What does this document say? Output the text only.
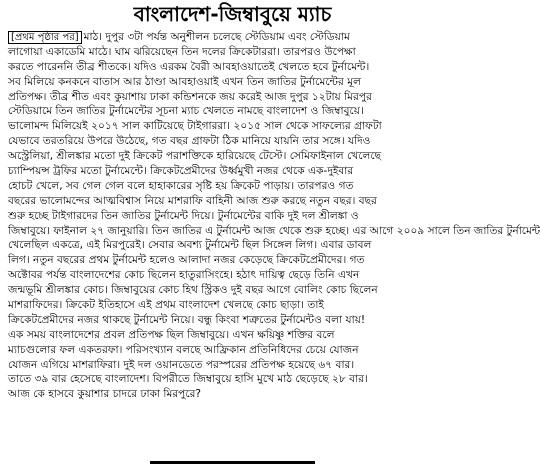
বাংলাদেশ-জিম্বাবুয়ে ম্যাচ
[প্রথম পৃষ্ঠার পর] মাঠ। দুপুর ৩টা পর্যন্ত অনুশীলন চলেছে স্টেডিয়াম এবং স্টেডিয়াম
লাগোয়া একাডেমি মাঠে। ঘাম ঝরিয়েছেন তিন দলের ক্রিকেটাররা। তারপরও উপেক্ষা
করতে পারেননি তীব্র শীতকে। যদিও এরকম বৈরী আবহাওয়াতেই খেলতে হবে টুর্নামেন্ট।
সব মিলিয়ে কনকনে বাতাস আর ঠাণ্ডা আবহাওয়াই এখন তিন জাতির টুর্নামেন্টের মূল
প্রতিপক্ষ। তীব্র শীত এবং কুয়াশায় ঢাকা কন্ডিশনকে জয় করেই আজ দুপুর ১২টায় মিরপুর
স্টেডিয়ামে তিন জাতির টুর্নামেন্টের সূচনা ম্যাচ খেলতে নামছে বাংলাদেশ ও জিম্বাবুয়ে।
ভালোমন্দ মিলিয়েই ২০১৭ সাল কাটিয়েছে টাইগাররা। ২০১৫ সাল থেকে সাফল্যের গ্রাফটা
যেভাবে তরতরিয়ে উপরে উঠেছে, গত বছর গ্রাফটা ঠিক মানিয়ে যায়নি তার সঙ্গে। যদিও
অস্ট্রেলিয়া, শ্রীলঙ্কার মতো দুই ক্রিকেট পরাশক্তিকে হারিয়েছে টেস্টে। সেমিফাইনাল খেলেছে
চ্যাম্পিয়ন্স ট্রফির মতো টুর্নামেন্টে। ক্রিকেটপ্রেমীদের উর্ধ্বমুখী নজর থেকে এক-দুইবার
হোচট খেলে, সব গেল গেল বলে হাহাকারের সৃষ্টি হয় ক্রিকেট পাড়ায়। তারপরও গত
বছরের ভালোমন্দের আত্মবিশ্বাস নিয়ে মাশরাফি বাহিনী আজ শুরু করছে নতুন বছর। বছর
শুরু হচ্ছে টাইগারদের তিন জাতির টুর্নামেন্ট দিয়ে। টুর্নামেন্টের বাকি দুই দল শ্রীলঙ্কা ও
জিম্বাবুয়ে। ফাইনাল ২৭ জানুয়ারি। তিন জাতির এ টুর্নামেন্ট আজ থেকে শুরু হচ্ছে। এর আগে ২০০৯ সালে তিন জাতির টুর্নামেন্ট
খেলেছিল একত্রে, এই মিরপুরেই। সেবার অবশ্য টুর্নামেন্ট ছিল সিঙ্গেল লিগ। এবার ডাবল
লিগ। নতুন বছরের প্রথম টুর্নামেন্ট হলেও আলাদা নজর কেড়েছে ক্রিকেটপ্রেমীদের। গত
অক্টোবর পর্যন্ত বাংলাদেশের কোচ ছিলেন হাতুরাসিংহে। হঠাৎ দায়িত্ব ছেড়ে তিনি এখন
জন্মভূমি শ্রীলঙ্কার কোচ। জিম্বাবুয়ের কোচ হিথ স্ট্রিকও দুই বছর আগে বোলিং কোচ ছিলেন
মাশরাফিদের। ক্রিকেট ইতিহাসে এই প্রথম বাংলাদেশ খেলছে কোচ ছাড়া। তাই
ক্রিকেটপ্রেমীদের নজর থাকছে টুর্নামেন্ট নিয়ে। বন্ধু কিংবা শত্রুতের টুর্নামেন্টও বলা যায়!
এক সময় বাংলাদেশের প্রবল প্রতিপক্ষ ছিল জিম্বাবুয়ে। এখন ক্ষয়িষ্ণু শক্তির বলে
ম্যাচগুলোর ফল একতরফা। পরিসংখ্যান বলছে আফ্রিকান প্রতিনিধিদের চেয়ে যোজন
যোজন এগিয়ে মাশরাফিরা। দুই দল ওয়ানডেতে পরস্পরের প্রতিপক্ষ হয়েছে ৬৭ বার।
তাতে ৩৯ বার হেসেছে বাংলাদেশ। বিপরীতে জিম্বাবুয়ে হাসি মুখে মাঠ ছেড়েছে ২৮ বার।
আজ কে হাসবে কুয়াশার চাদরে ঢাকা মিরপুরে?
